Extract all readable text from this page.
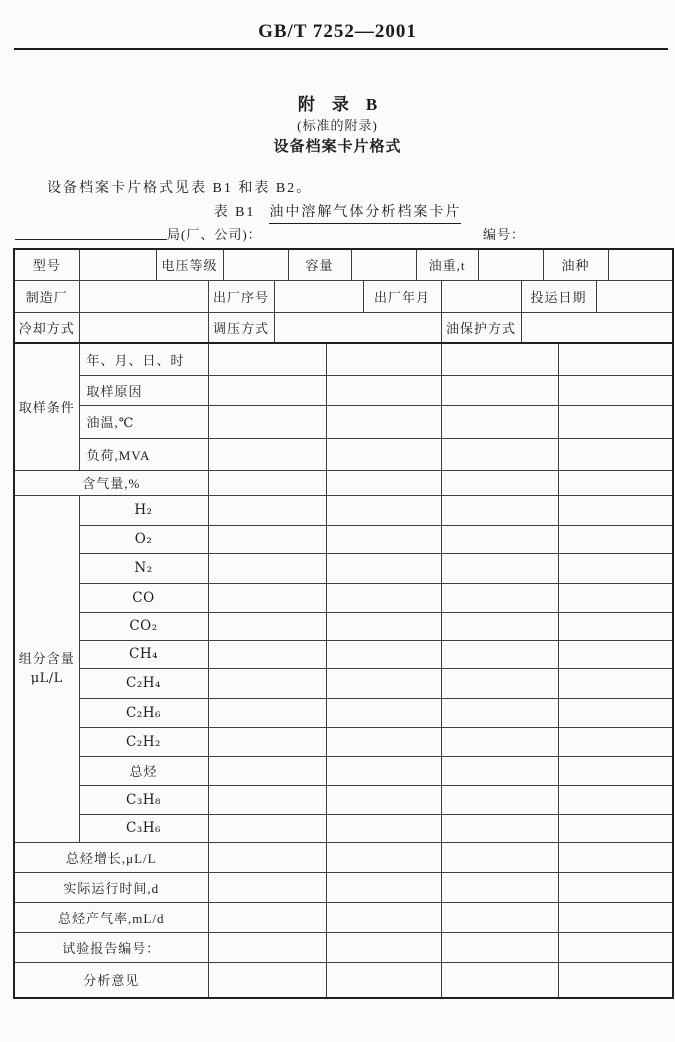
GB/T 7252—2001
附　录　B
(标准的附录)
设备档案卡片格式
设备档案卡片格式见表 B1 和表 B2。
表 B1 油中溶解气体分析档案卡片
局(厂、公司)：	编号：
型号		电压等级				容量			油重,t				油种		
制造厂			出厂序号					出厂年月				投运日期			
冷却方式			调压方式							油保护方式					
取样条件	年、月、日、时				
	取样原因				
	油温,℃				
	负荷,MVA				
含气量,%					

组分含量
μL/L	H₂				
	O₂				
	N₂				
	CO				
	CO₂				
	CH₄				
	C₂H₄				
	C₂H₆				
	C₂H₂				
	总烃				
	C₃H₈				
	C₃H₆				
总烃增长,μL/L					
实际运行时间,d					
总烃产气率,mL/d					
试验报告编号：					
分析意见					
